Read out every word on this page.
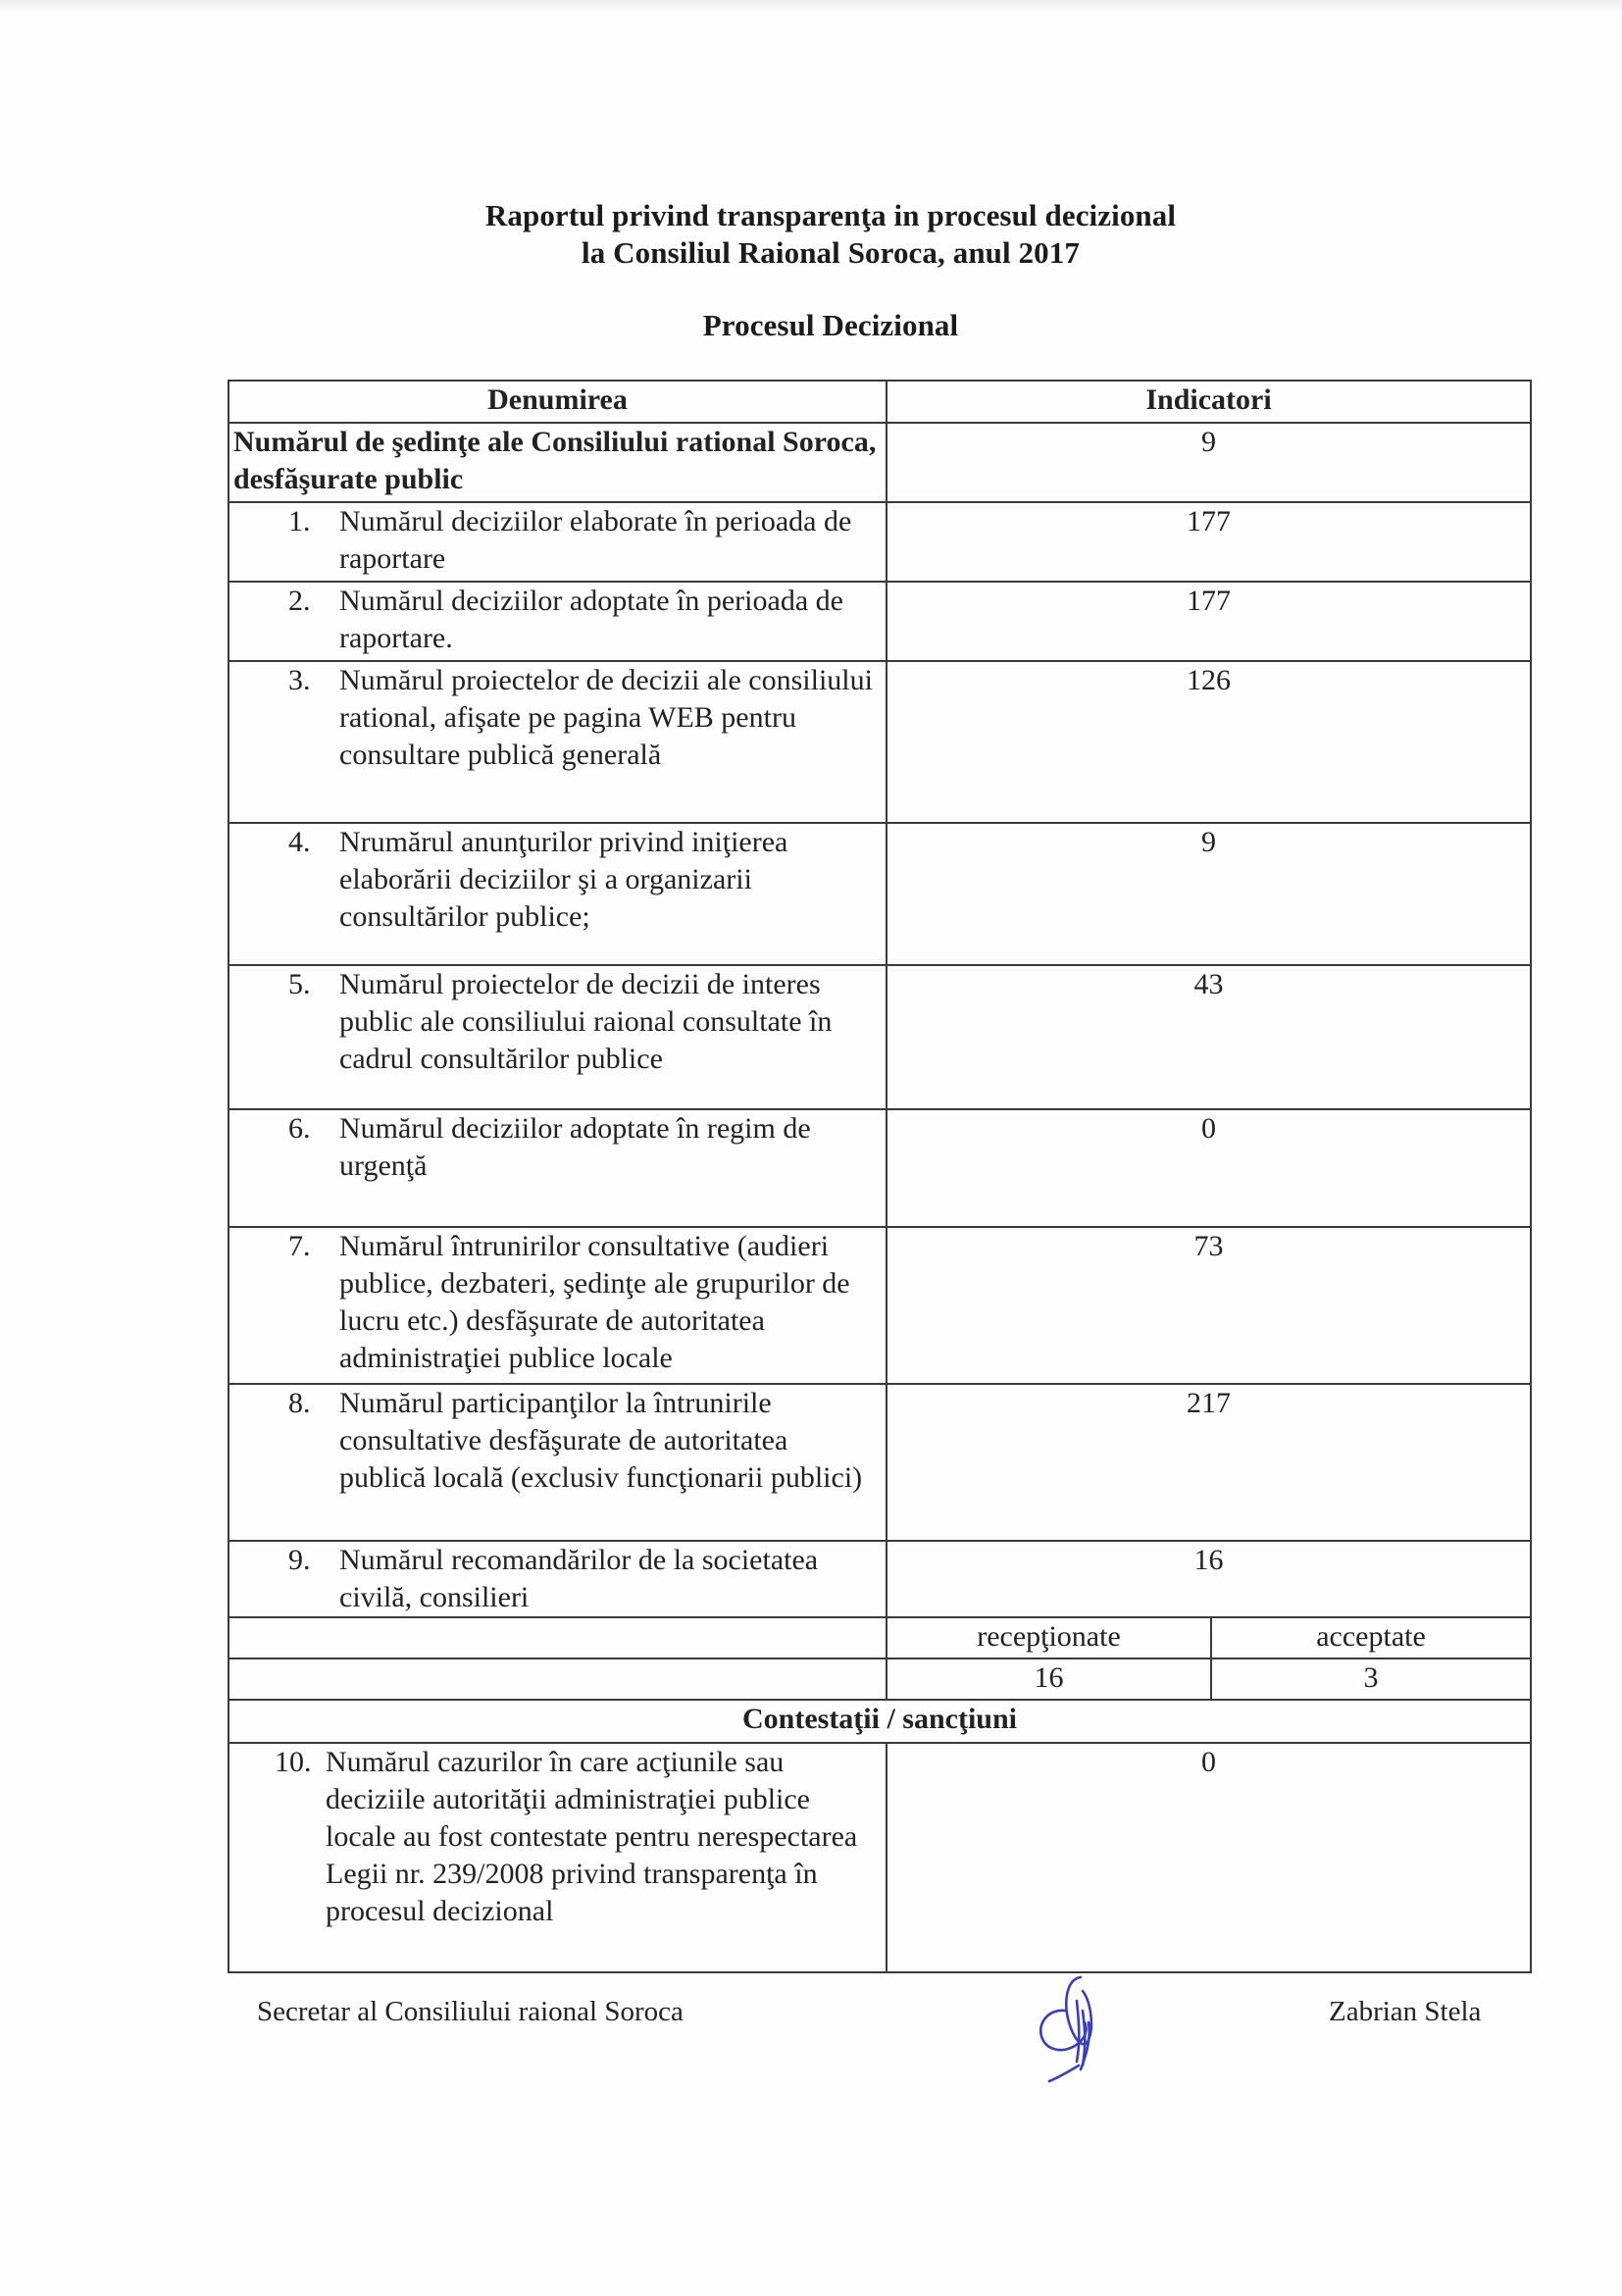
Raportul privind transparenţa in procesul decizional
la Consiliul Raional Soroca, anul 2017
Procesul Decizional
Denumirea	Indicatori	
Numărul de şedinţe ale Consiliului rational Soroca, desfăşurate public	9	

1. Numărul deciziilor elaborate în perioada de raportare	177	

2. Numărul deciziilor adoptate în perioada de raportare.	177	

3. Numărul proiectelor de decizii ale consiliului rational, afişate pe pagina WEB pentru consultare publică generală	126	

4. Nrumărul anunţurilor privind iniţierea elaborării deciziilor şi a organizarii consultărilor publice;	9	

5. Numărul proiectelor de decizii de interes public ale consiliului raional consultate în cadrul consultărilor publice	43	

6. Numărul deciziilor adoptate în regim de urgenţă	0	

7. Numărul întrunirilor consultative (audieri publice, dezbateri, şedinţe ale grupurilor de lucru etc.) desfăşurate de autoritatea administraţiei publice locale	73	

8. Numărul participanţilor la întrunirile consultative desfăşurate de autoritatea publică locală (exclusiv funcţionarii publici)	217	

9. Numărul recomandărilor de la societatea civilă, consilieri	16	
	recepţionate	acceptate
	16	3
Contestaţii / sancţiuni		

10. Numărul cazurilor în care acţiunile sau deciziile autorităţii administraţiei publice locale au fost contestate pentru nerespectarea Legii nr. 239/2008 privind transparenţa în procesul decizional	0	
Secretar al Consiliului raional Soroca	Zabrian Stela
